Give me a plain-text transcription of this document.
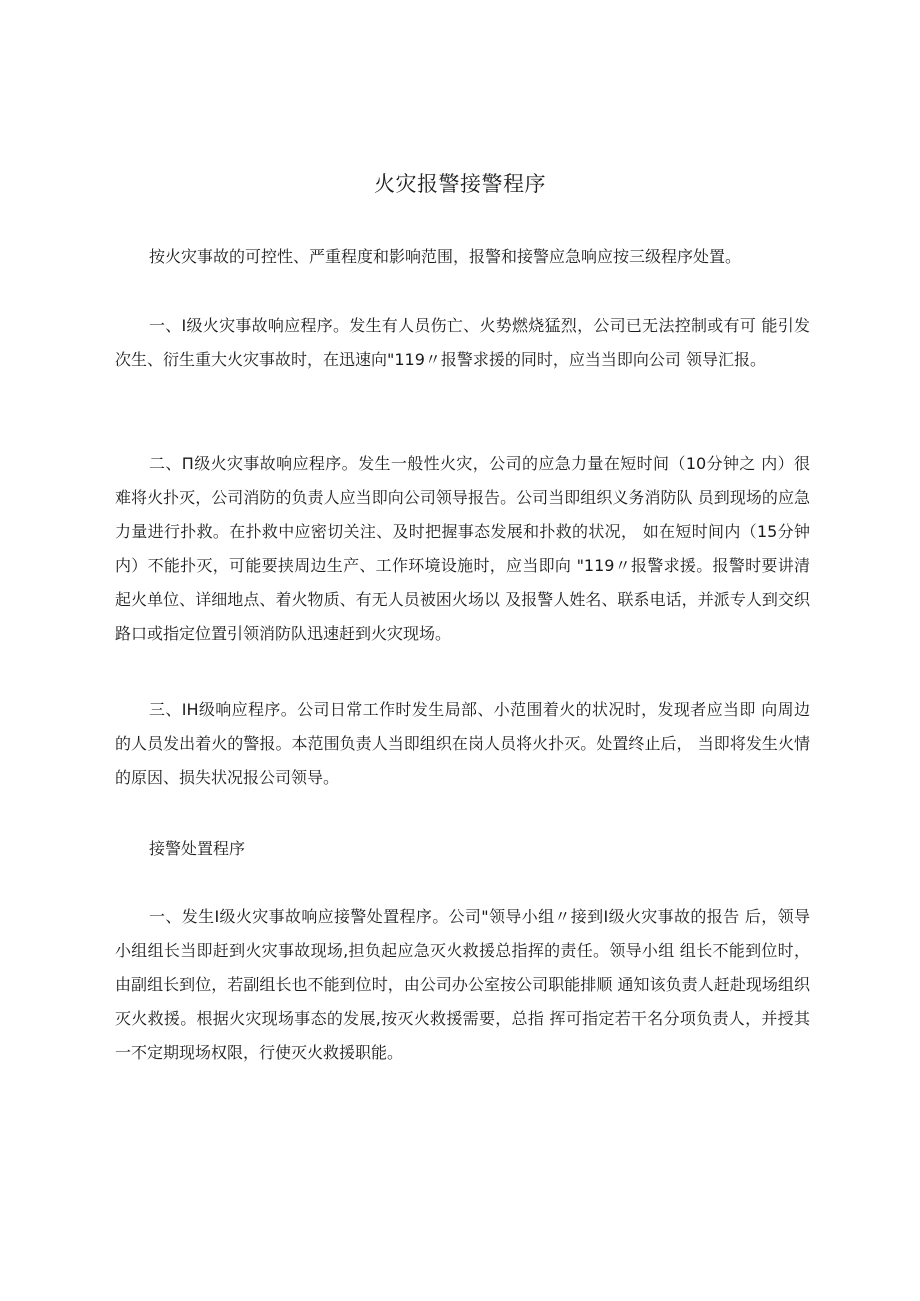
火灾报警接警程序

按火灾事故的可控性、严重程度和影响范围，报警和接警应急响应按三级程序处置。

一、I级火灾事故响应程序。发生有人员伤亡、火势燃烧猛烈，公司已无法控制或有可 能引发次生、衍生重大火灾事故时，在迅速向"119〃报警求援的同时，应当当即向公司 领导汇报。

二、П级火灾事故响应程序。发生一般性火灾，公司的应急力量在短时间（10分钟之 内）很难将火扑灭，公司消防的负责人应当即向公司领导报告。公司当即组织义务消防队 员到现场的应急力量进行扑救。在扑救中应密切关注、及时把握事态发展和扑救的状况， 如在短时间内（15分钟内）不能扑灭，可能要挟周边生产、工作环境设施时，应当即向 "119〃报警求援。报警时要讲清起火单位、详细地点、着火物质、有无人员被困火场以 及报警人姓名、联系电话，并派专人到交织路口或指定位置引领消防队迅速赶到火灾现场。

三、IH级响应程序。公司日常工作时发生局部、小范围着火的状况时，发现者应当即 向周边的人员发出着火的警报。本范围负责人当即组织在岗人员将火扑灭。处置终止后， 当即将发生火情的原因、损失状况报公司领导。

接警处置程序

一、发生I级火灾事故响应接警处置程序。公司"领导小组〃接到I级火灾事故的报告 后，领导小组组长当即赶到火灾事故现场,担负起应急灭火救援总指挥的责任。领导小组 组长不能到位时，由副组长到位，若副组长也不能到位时，由公司办公室按公司职能排顺 通知该负责人赶赴现场组织灭火救援。根据火灾现场事态的发展,按灭火救援需要，总指 挥可指定若干名分项负责人，并授其一不定期现场权限，行使灭火救援职能。
